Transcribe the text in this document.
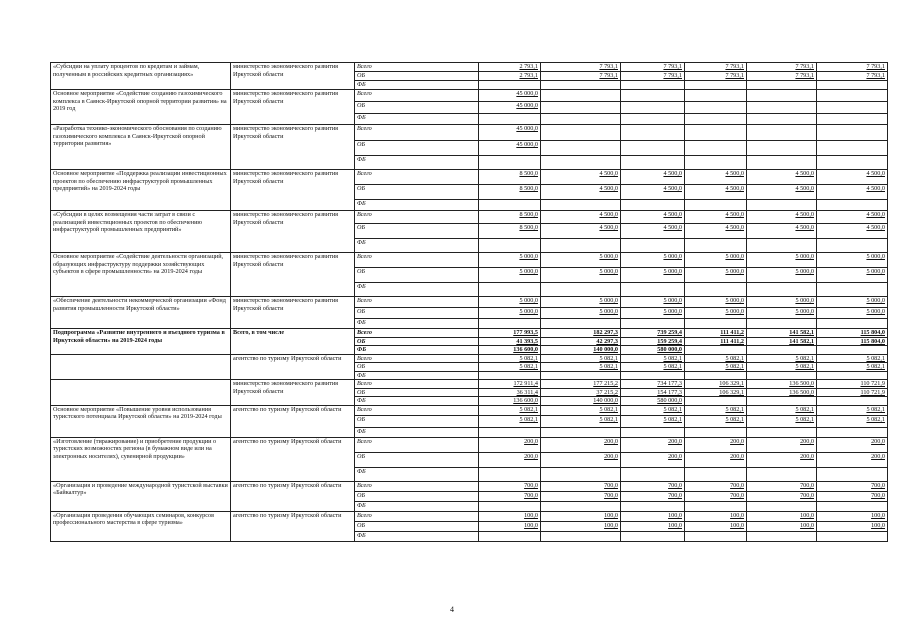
«Субсидии на уплату процентов по кредитам и займам, полученным в российских кредитных организациях»	министерство экономического развития Иркутской области	Всего	2 793,1	7 793,1	7 793,1	7 793,1	7 793,1	7 793,1
		ОБ	2 793,1	7 793,1	7 793,1	7 793,1	7 793,1	7 793,1
		ФБ						
Основное мероприятие «Содействие созданию газохимического комплекса в Саянск-Иркутской опорной территории развития» на 2019 год	министерство экономического развития Иркутской области	Всего	45 000,0					
		ОБ	45 000,0					
		ФБ						
«Разработка технико-экономического обоснования по созданию газохимического комплекса в Саянск-Иркутской опорной территории развития»	министерство экономического развития Иркутской области	Всего	45 000,0					
		ОБ	45 000,0					
		ФБ						
Основное мероприятие «Поддержка реализации инвестиционных проектов по обеспечению инфраструктурой промышленных предприятий» на 2019-2024 годы	министерство экономического развития Иркутской области	Всего	8 500,0	4 500,0	4 500,0	4 500,0	4 500,0	4 500,0
		ОБ	8 500,0	4 500,0	4 500,0	4 500,0	4 500,0	4 500,0
		ФБ						
«Субсидии в целях возмещения части затрат в связи с реализацией инвестиционных проектов по обеспечению инфраструктурой промышленных предприятий»	министерство экономического развития Иркутской области	Всего	8 500,0	4 500,0	4 500,0	4 500,0	4 500,0	4 500,0
		ОБ	8 500,0	4 500,0	4 500,0	4 500,0	4 500,0	4 500,0
		ФБ						
Основное мероприятие «Содействие деятельности организаций, образующих инфраструктуру поддержки хозяйствующих субъектов в сфере промышленности» на 2019-2024 годы	министерство экономического развития Иркутской области	Всего	5 000,0	5 000,0	5 000,0	5 000,0	5 000,0	5 000,0
		ОБ	5 000,0	5 000,0	5 000,0	5 000,0	5 000,0	5 000,0
		ФБ						
«Обеспечение деятельности некоммерческой организации «Фонд развития промышленности Иркутской области»	министерство экономического развития Иркутской области	Всего	5 000,0	5 000,0	5 000,0	5 000,0	5 000,0	5 000,0
		ОБ	5 000,0	5 000,0	5 000,0	5 000,0	5 000,0	5 000,0
		ФБ						
Подпрограмма «Развитие внутреннего и въездного туризма в Иркутской области» на 2019-2024 годы	Всего, в том числе	Всего	177 993,5	182 297,3	739 259,4	111 411,2	141 582,1	115 804,0
		ОБ	41 393,5	42 297,3	159 259,4	111 411,2	141 582,1	115 804,0
		ФБ	136 600,0	140 000,0	580 000,0			
	агентство по туризму Иркутской области	Всего	5 082,1	5 082,1	5 082,1	5 082,1	5 082,1	5 082,1
		ОБ	5 082,1	5 082,1	5 082,1	5 082,1	5 082,1	5 082,1
		ФБ						
	министерство экономического развития Иркутской области	Всего	172 911,4	177 215,2	734 177,3	106 329,1	136 500,0	110 721,9
		ОБ	36 311,4	37 215,2	154 177,3	106 329,1	136 500,0	110 721,9
		ФБ	136 600,0	140 000,0	580 000,0			
Основное мероприятие «Повышение уровня использования туристского потенциала Иркутской области» на 2019-2024 годы	агентство по туризму Иркутской области	Всего	5 082,1	5 082,1	5 082,1	5 082,1	5 082,1	5 082,1
		ОБ	5 082,1	5 082,1	5 082,1	5 082,1	5 082,1	5 082,1
		ФБ						
«Изготовление (тиражирование) и приобретение продукции о туристских возможностях региона (в бумажном виде или на электронных носителях), сувенирной продукции»	агентство по туризму Иркутской области	Всего	200,0	200,0	200,0	200,0	200,0	200,0
		ОБ	200,0	200,0	200,0	200,0	200,0	200,0
		ФБ						
«Организация и проведение международной туристской выставки «Байкалтур»	агентство по туризму Иркутской области	Всего	700,0	700,0	700,0	700,0	700,0	700,0
		ОБ	700,0	700,0	700,0	700,0	700,0	700,0
		ФБ						
«Организация проведения обучающих семинаров, конкурсов профессионального мастерства в сфере туризма»	агентство по туризму Иркутской области	Всего	100,0	100,0	100,0	100,0	100,0	100,0
		ОБ	100,0	100,0	100,0	100,0	100,0	100,0
		ФБ						
4
